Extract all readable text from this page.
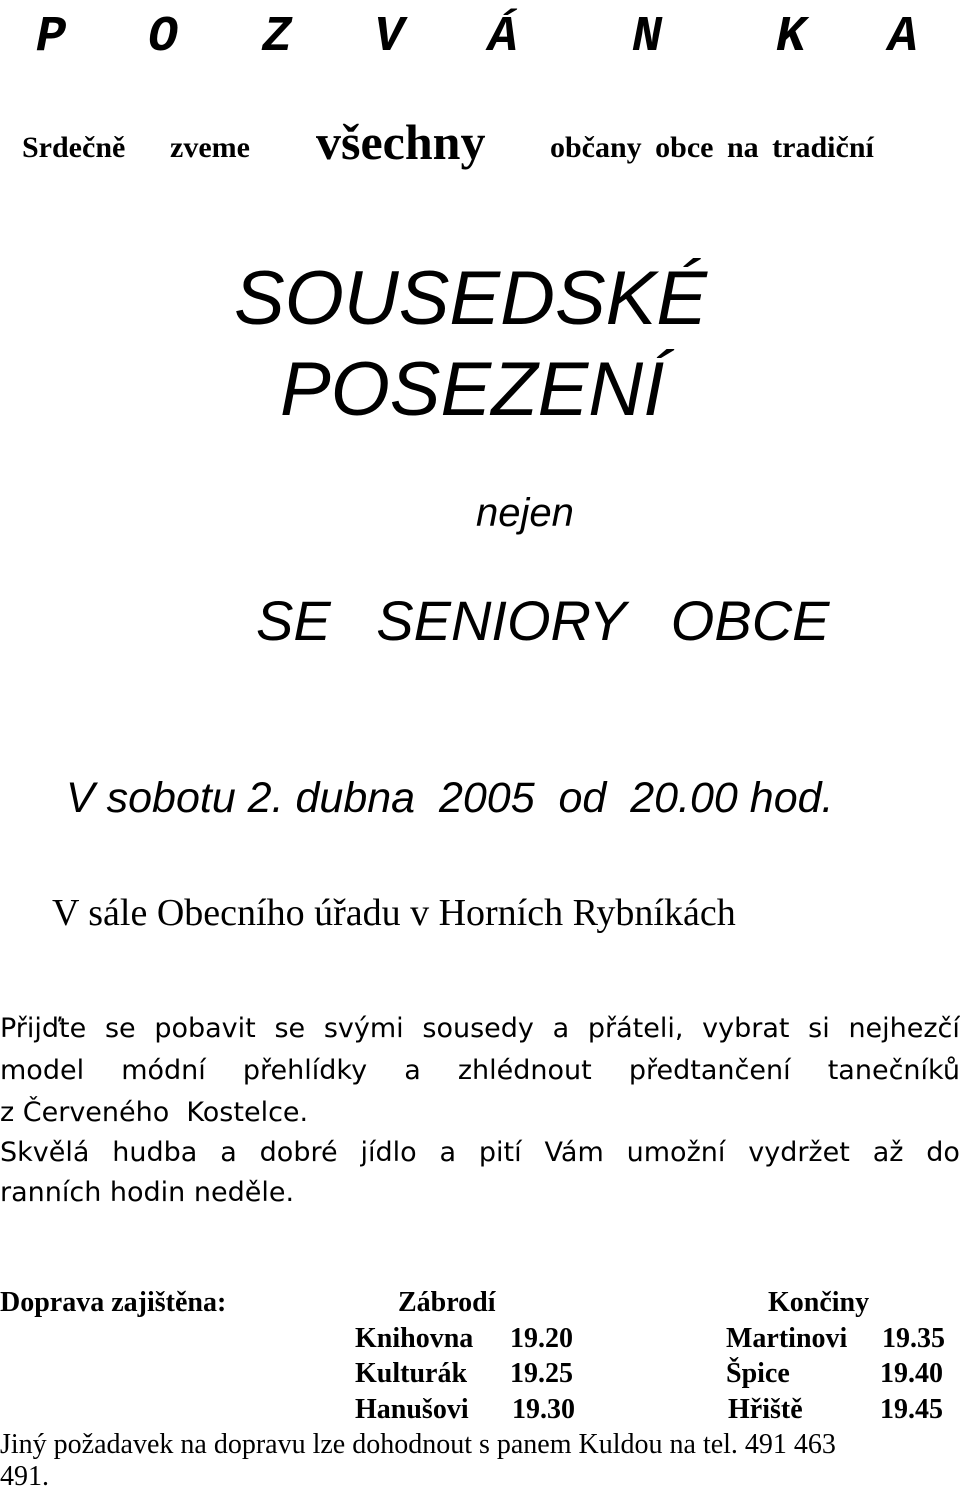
P O Z V Á N K A
Srdečně zveme všechny občany obce na tradiční
SOUSEDSKÉ
POSEZENÍ
nejen
SE SENIORY OBCE
V sobotu 2. dubna  2005  od  20.00 hod.
V sále Obecního úřadu v Horních Rybníkách
Přijďte se pobavit se svými sousedy a přáteli, vybrat si nejhezčí
model módní přehlídky a zhlédnout předtančení tanečníků
z Červeného  Kostelce.
Skvělá hudba a dobré jídlo a pití Vám umožní vydržet až do
ranních hodin neděle.
Doprava zajištěna:	Zábrodí	Končiny
Knihovna 19.20	Martinovi 19.35
Kulturák 19.25	Špice	19.40
Hanušovi 19.30	Hřiště	19.45
Jiný požadavek na dopravu lze dohodnout s panem Kuldou na tel. 491 463
491.
